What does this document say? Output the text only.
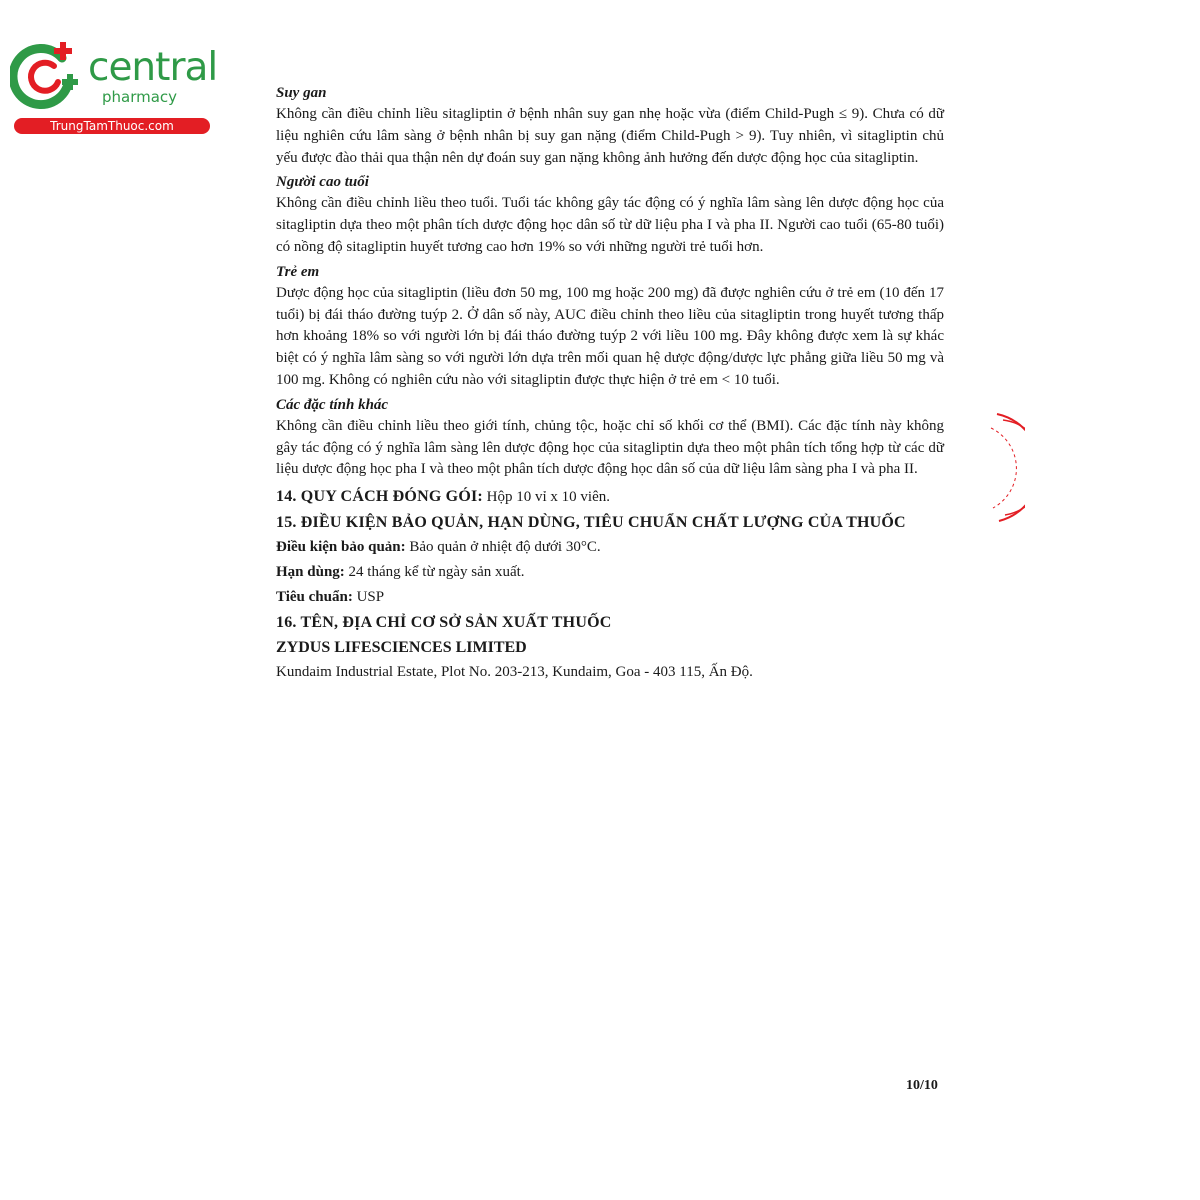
central
pharmacy
TrungTamThuoc.com

Suy gan

Không cần điều chỉnh liều sitagliptin ở bệnh nhân suy gan nhẹ hoặc vừa (điểm Child-Pugh ≤ 9). Chưa có dữ liệu nghiên cứu lâm sàng ở bệnh nhân bị suy gan nặng (điểm Child-Pugh > 9). Tuy nhiên, vì sitagliptin chủ yếu được đào thải qua thận nên dự đoán suy gan nặng không ảnh hưởng đến dược động học của sitagliptin.

Người cao tuổi

Không cần điều chỉnh liều theo tuổi. Tuổi tác không gây tác động có ý nghĩa lâm sàng lên dược động học của sitagliptin dựa theo một phân tích dược động học dân số từ dữ liệu pha I và pha II. Người cao tuổi (65-80 tuổi) có nồng độ sitagliptin huyết tương cao hơn 19% so với những người trẻ tuổi hơn.

Trẻ em

Dược động học của sitagliptin (liều đơn 50 mg, 100 mg hoặc 200 mg) đã được nghiên cứu ở trẻ em (10 đến 17 tuổi) bị đái tháo đường tuýp 2. Ở dân số này, AUC điều chỉnh theo liều của sitagliptin trong huyết tương thấp hơn khoảng 18% so với người lớn bị đái tháo đường tuýp 2 với liều 100 mg. Đây không được xem là sự khác biệt có ý nghĩa lâm sàng so với người lớn dựa trên mối quan hệ dược động/dược lực phẳng giữa liều 50 mg và 100 mg. Không có nghiên cứu nào với sitagliptin được thực hiện ở trẻ em < 10 tuổi.

Các đặc tính khác

Không cần điều chỉnh liều theo giới tính, chủng tộc, hoặc chỉ số khối cơ thể (BMI). Các đặc tính này không gây tác động có ý nghĩa lâm sàng lên dược động học của sitagliptin dựa theo một phân tích tổng hợp từ các dữ liệu dược động học pha I và theo một phân tích dược động học dân số của dữ liệu lâm sàng pha I và pha II.

14. QUY CÁCH ĐÓNG GÓI: Hộp 10 vỉ x 10 viên.

15. ĐIỀU KIỆN BẢO QUẢN, HẠN DÙNG, TIÊU CHUẨN CHẤT LƯỢNG CỦA THUỐC

Điều kiện bảo quản: Bảo quản ở nhiệt độ dưới 30°C.

Hạn dùng: 24 tháng kể từ ngày sản xuất.

Tiêu chuẩn: USP

16. TÊN, ĐỊA CHỈ CƠ SỞ SẢN XUẤT THUỐC

ZYDUS LIFESCIENCES LIMITED

Kundaim Industrial Estate, Plot No. 203-213, Kundaim, Goa - 403 115, Ấn Độ.

10/10
